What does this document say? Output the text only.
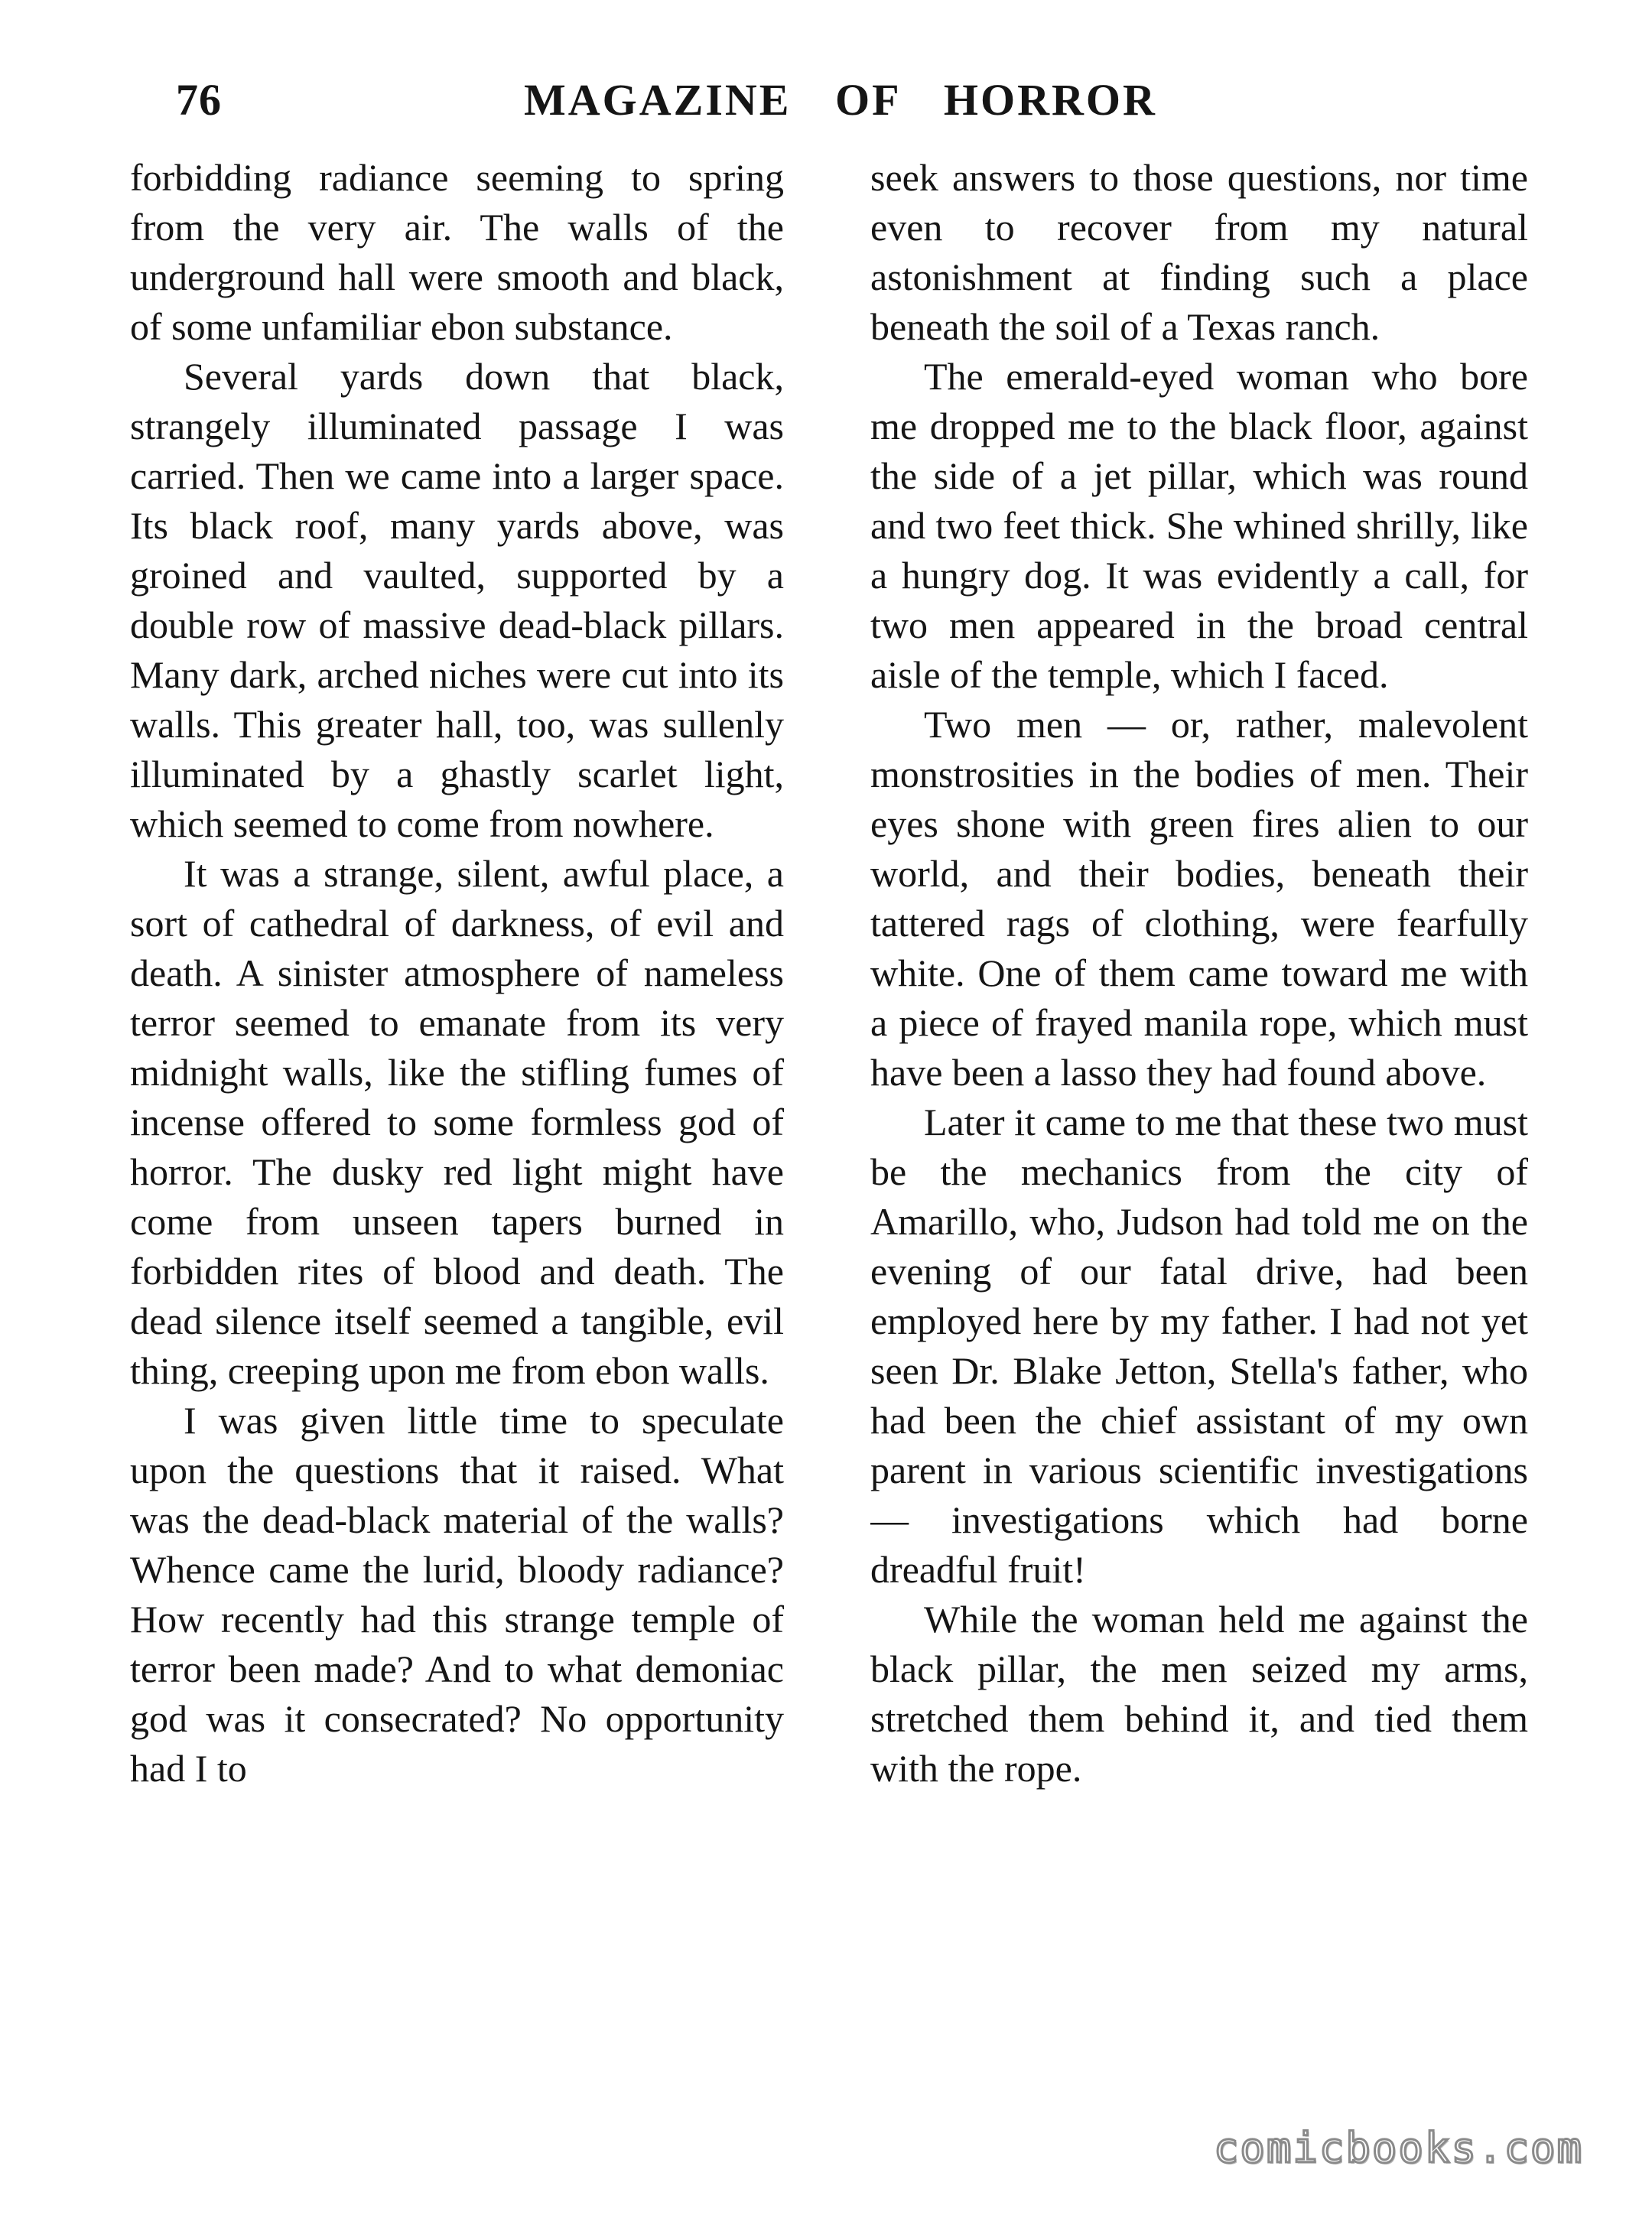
76	MAGAZINE OF HORROR

forbidding radiance seeming to spring from the very air. The walls of the underground hall were smooth and black, of some unfamiliar ebon substance.

Several yards down that black, strangely illuminated passage I was carried. Then we came into a larger space. Its black roof, many yards above, was groined and vaulted, supported by a double row of massive dead-black pillars. Many dark, arched niches were cut into its walls. This greater hall, too, was sullenly illuminated by a ghastly scarlet light, which seemed to come from nowhere.

It was a strange, silent, awful place, a sort of cathedral of darkness, of evil and death. A sinister atmosphere of nameless terror seemed to emanate from its very midnight walls, like the stifling fumes of incense offered to some formless god of horror. The dusky red light might have come from unseen tapers burned in forbidden rites of blood and death. The dead silence itself seemed a tangible, evil thing, creeping upon me from ebon walls.

I was given little time to speculate upon the questions that it raised. What was the dead-black material of the walls? Whence came the lurid, bloody radiance? How recently had this strange temple of terror been made? And to what demoniac god was it consecrated? No opportunity had I to

seek answers to those questions, nor time even to recover from my natural astonishment at finding such a place beneath the soil of a Texas ranch.

The emerald-eyed woman who bore me dropped me to the black floor, against the side of a jet pillar, which was round and two feet thick. She whined shrilly, like a hungry dog. It was evidently a call, for two men appeared in the broad central aisle of the temple, which I faced.

Two men — or, rather, malevolent monstrosities in the bodies of men. Their eyes shone with green fires alien to our world, and their bodies, beneath their tattered rags of clothing, were fearfully white. One of them came toward me with a piece of frayed manila rope, which must have been a lasso they had found above.

Later it came to me that these two must be the mechanics from the city of Amarillo, who, Judson had told me on the evening of our fatal drive, had been employed here by my father. I had not yet seen Dr. Blake Jetton, Stella's father, who had been the chief assistant of my own parent in various scientific investigations — investigations which had borne dreadful fruit!

While the woman held me against the black pillar, the men seized my arms, stretched them behind it, and tied them with the rope.

comicbooks.com
